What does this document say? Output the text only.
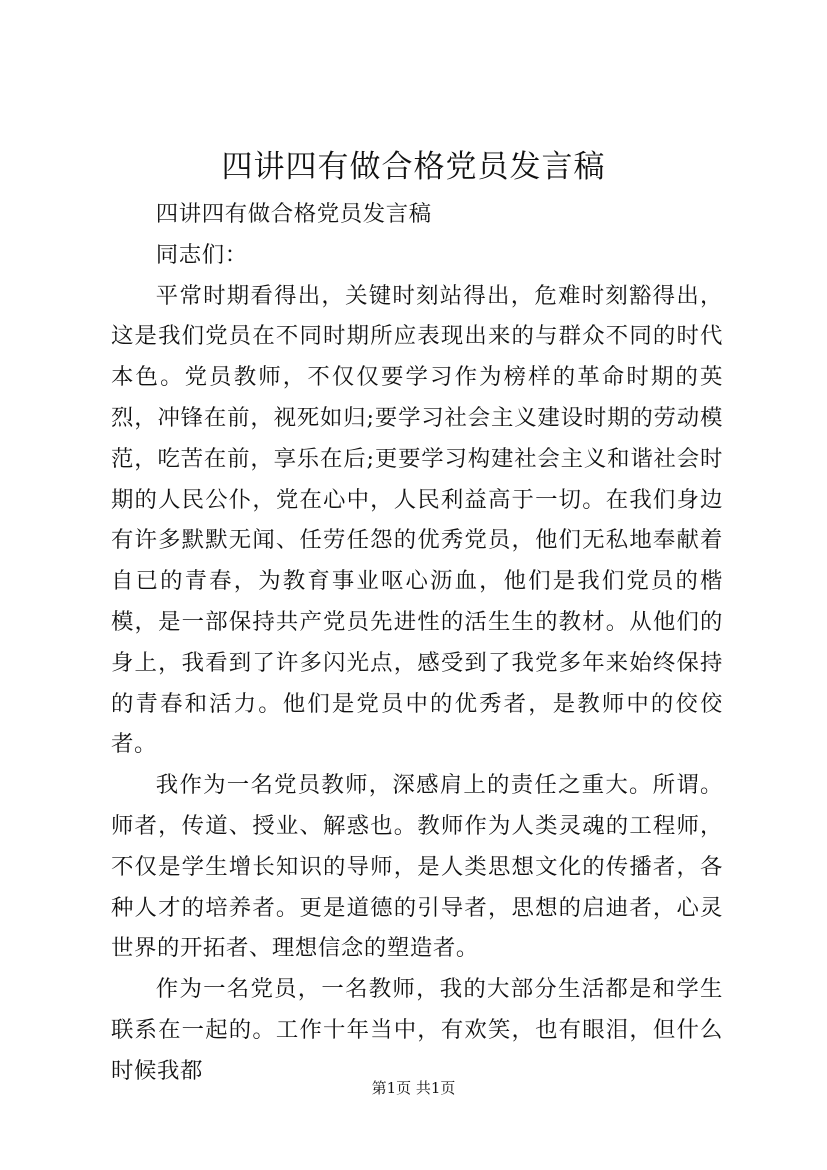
四讲四有做合格党员发言稿

四讲四有做合格党员发言稿

同志们：

平常时期看得出，关键时刻站得出，危难时刻豁得出，这是我们党员在不同时期所应表现出来的与群众不同的时代本色。党员教师，不仅仅要学习作为榜样的革命时期的英烈，冲锋在前，视死如归;要学习社会主义建设时期的劳动模范，吃苦在前，享乐在后;更要学习构建社会主义和谐社会时期的人民公仆，党在心中，人民利益高于一切。在我们身边有许多默默无闻、任劳任怨的优秀党员，他们无私地奉献着自已的青春，为教育事业呕心沥血，他们是我们党员的楷模，是一部保持共产党员先进性的活生生的教材。从他们的身上，我看到了许多闪光点，感受到了我党多年来始终保持的青春和活力。他们是党员中的优秀者，是教师中的佼佼者。

我作为一名党员教师，深感肩上的责任之重大。所谓。师者，传道、授业、解惑也。教师作为人类灵魂的工程师，不仅是学生增长知识的导师，是人类思想文化的传播者，各种人才的培养者。更是道德的引导者，思想的启迪者，心灵世界的开拓者、理想信念的塑造者。

作为一名党员，一名教师，我的大部分生活都是和学生联系在一起的。工作十年当中，有欢笑，也有眼泪，但什么时候我都

第1页 共1页
